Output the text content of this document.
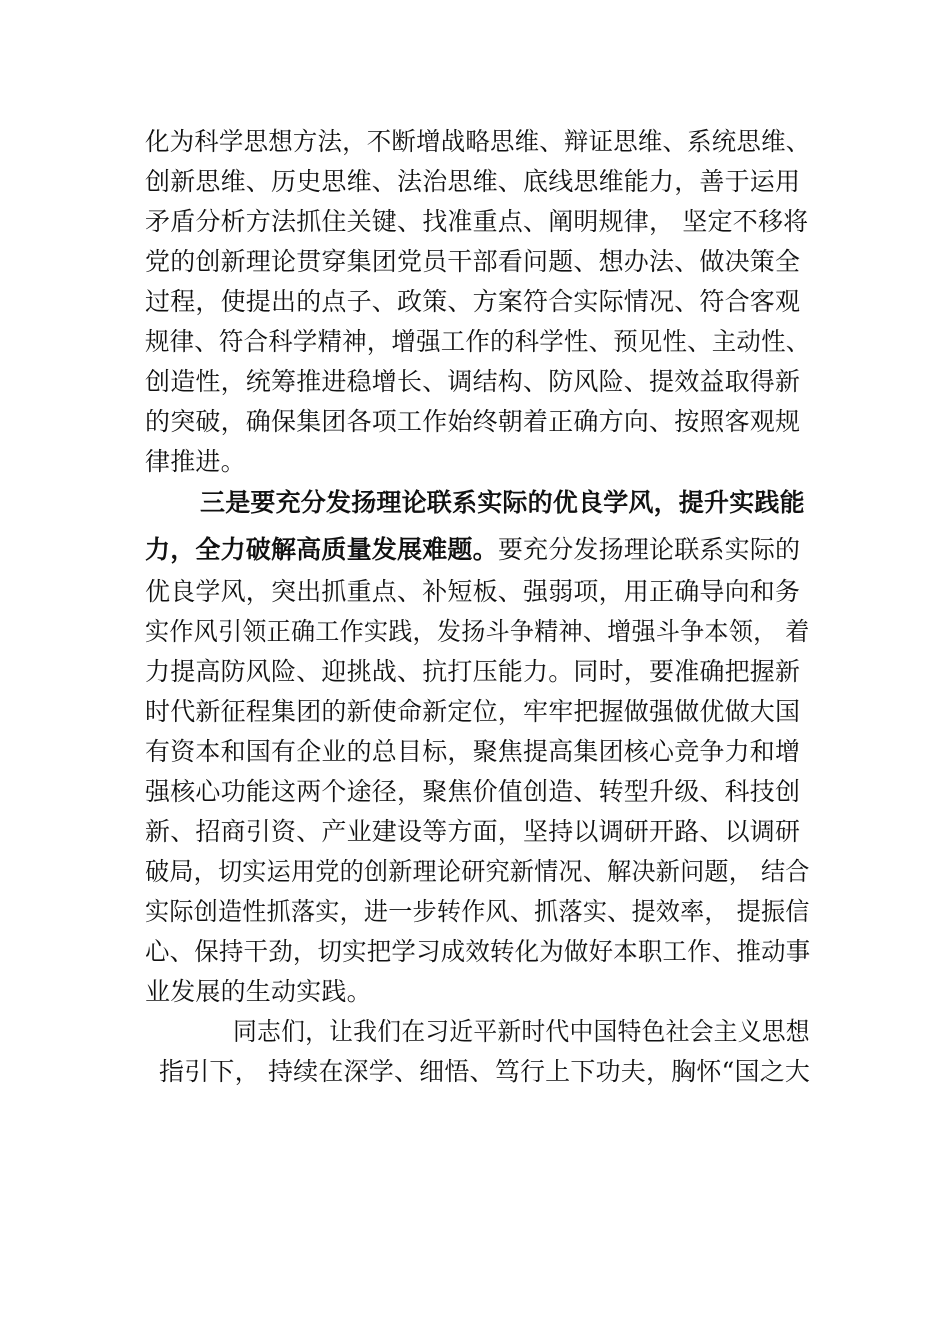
化为科学思想方法，不断增战略思维、辩证思维、系统思维、
创新思维、历史思维、法治思维、底线思维能力，善于运用
矛盾分析方法抓住关键、找准重点、阐明规律， 坚定不移将
党的创新理论贯穿集团党员干部看问题、想办法、做决策全
过程，使提出的点子、政策、方案符合实际情况、符合客观
规律、符合科学精神，增强工作的科学性、预见性、主动性、
创造性，统筹推进稳增长、调结构、防风险、提效益取得新
的突破，确保集团各项工作始终朝着正确方向、按照客观规
律推进。
三是要充分发扬理论联系实际的优良学风，提升实践能
力，全力破解高质量发展难题。要充分发扬理论联系实际的
优良学风，突出抓重点、补短板、强弱项，用正确导向和务
实作风引领正确工作实践，发扬斗争精神、增强斗争本领， 着
力提高防风险、迎挑战、抗打压能力。同时，要准确把握新
时代新征程集团的新使命新定位，牢牢把握做强做优做大国
有资本和国有企业的总目标，聚焦提高集团核心竞争力和增
强核心功能这两个途径，聚焦价值创造、转型升级、科技创
新、招商引资、产业建设等方面，坚持以调研开路、以调研
破局，切实运用党的创新理论研究新情况、解决新问题， 结合
实际创造性抓落实，进一步转作风、抓落实、提效率， 提振信
心、保持干劲，切实把学习成效转化为做好本职工作、推动事
业发展的生动实践。
同志们，让我们在习近平新时代中国特色社会主义思想
指引下， 持续在深学、细悟、笃行上下功夫，胸怀“国之大
